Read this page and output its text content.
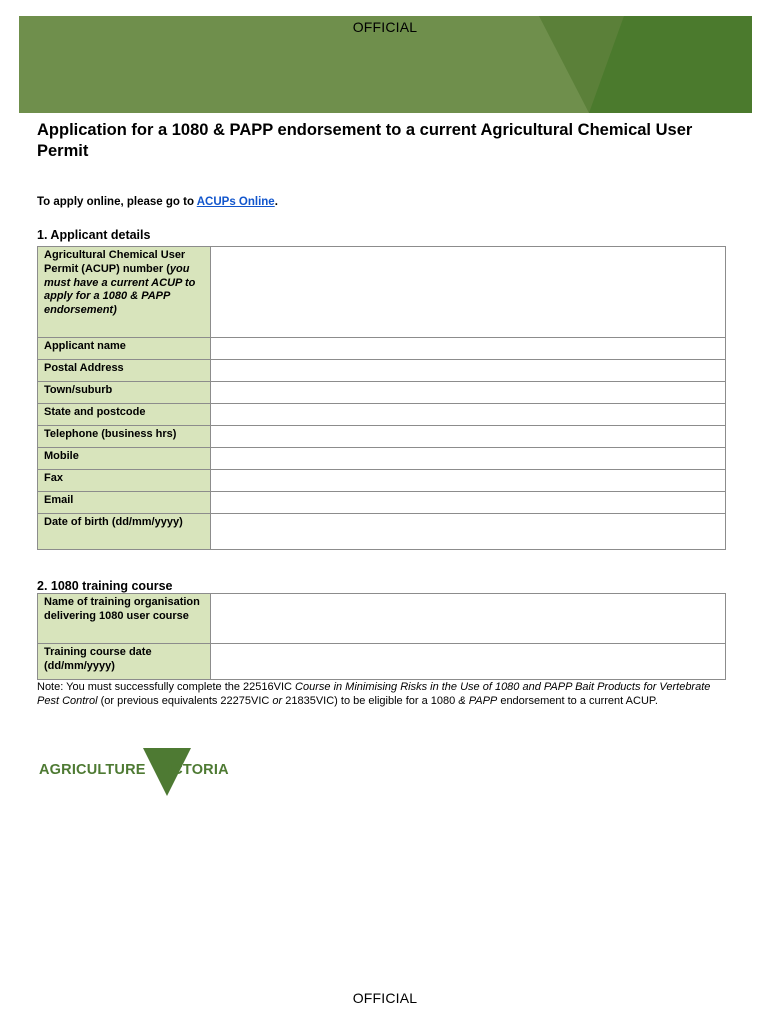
OFFICIAL
Application for a 1080 & PAPP endorsement to a current Agricultural Chemical User Permit
To apply online, please go to ACUPs Online.
1. Applicant details
Agricultural Chemical User Permit (ACUP) number (you must have a current ACUP to apply for a 1080 & PAPP endorsement)	
Applicant name	
Postal Address	
Town/suburb	
State and postcode	
Telephone (business hrs)	
Mobile	
Fax	
Email	
Date of birth (dd/mm/yyyy)	
2. 1080 training course
Name of training organisation delivering 1080 user course	
Training course date (dd/mm/yyyy)	
Note: You must successfully complete the 22516VIC Course in Minimising Risks in the Use of 1080 and PAPP Bait Products for Vertebrate Pest Control (or previous equivalents 22275VIC or 21835VIC) to be eligible for a 1080 & PAPP endorsement to a current ACUP.
AGRICULTURE ICTORIA
OFFICIAL
